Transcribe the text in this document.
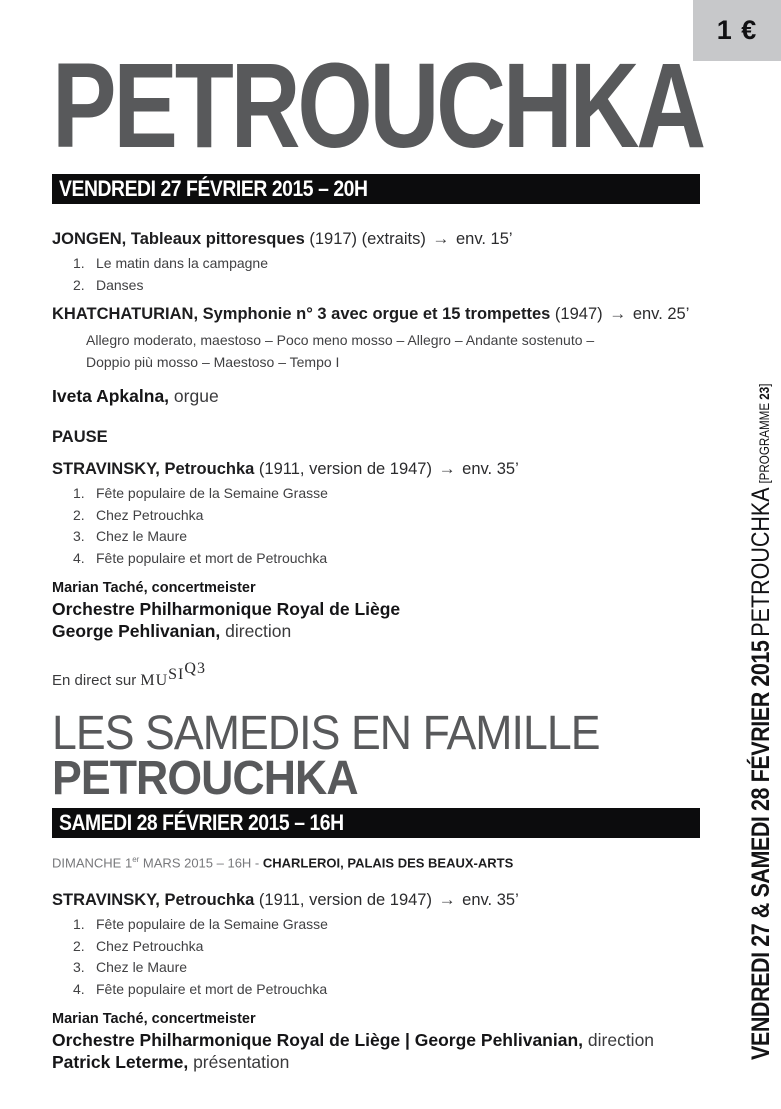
1 €
PETROUCHKA
VENDREDI 27 FÉVRIER 2015 – 20H
JONGEN, Tableaux pittoresques (1917) (extraits) → env. 15’
1. Le matin dans la campagne
2. Danses
KHATCHATURIAN, Symphonie n° 3 avec orgue et 15 trompettes (1947) → env. 25’
Allegro moderato, maestoso – Poco meno mosso – Allegro – Andante sostenuto –
Doppio più mosso – Maestoso – Tempo I
Iveta Apkalna, orgue
PAUSE
STRAVINSKY, Petrouchka (1911, version de 1947) → env. 35’
1. Fête populaire de la Semaine Grasse
2. Chez Petrouchka
3. Chez le Maure
4. Fête populaire et mort de Petrouchka
Marian Taché, concertmeister
Orchestre Philharmonique Royal de Liège
George Pehlivanian, direction
En direct sur MUSIQ3
LES SAMEDIS EN FAMILLE
PETROUCHKA
SAMEDI 28 FÉVRIER 2015 – 16H
DIMANCHE 1er MARS 2015 – 16H - CHARLEROI, PALAIS DES BEAUX-ARTS
STRAVINSKY, Petrouchka (1911, version de 1947) → env. 35’
1. Fête populaire de la Semaine Grasse
2. Chez Petrouchka
3. Chez le Maure
4. Fête populaire et mort de Petrouchka
Marian Taché, concertmeister
Orchestre Philharmonique Royal de Liège | George Pehlivanian, direction
Patrick Leterme, présentation
VENDREDI 27 & SAMEDI 28 FÉVRIER 2015 PETROUCHKA [PROGRAMME 23]
